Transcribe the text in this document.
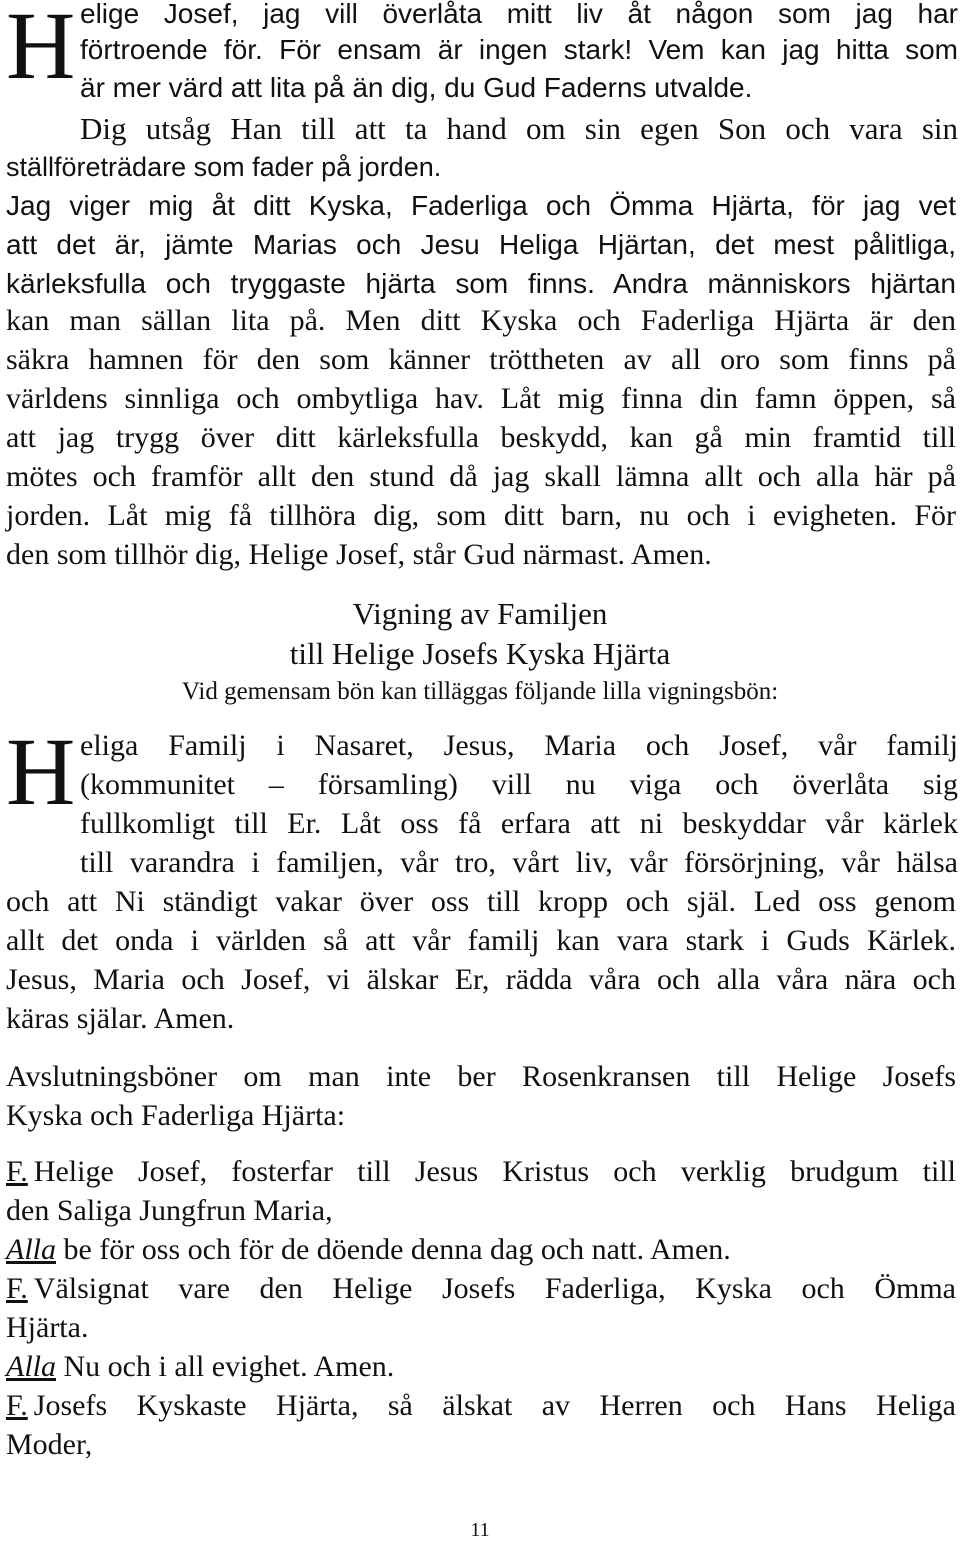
H elige Josef, jag vill överlåta mitt liv åt någon som jag har
förtroende för. För ensam är ingen stark! Vem kan jag hitta som
är mer värd att lita på än dig, du Gud Faderns utvalde.
Dig utsåg Han till att ta hand om sin egen Son och vara sin
ställföreträdare som fader på jorden.
Jag viger mig åt ditt Kyska, Faderliga och Ömma Hjärta, för jag vet
att det är, jämte Marias och Jesu Heliga Hjärtan, det mest pålitliga,
kärleksfulla och tryggaste hjärta som finns. Andra människors hjärtan
kan man sällan lita på. Men ditt Kyska och Faderliga Hjärta är den
säkra hamnen för den som känner tröttheten av all oro som finns på
världens sinnliga och ombytliga hav. Låt mig finna din famn öppen, så
att jag trygg över ditt kärleksfulla beskydd, kan gå min framtid till
mötes och framför allt den stund då jag skall lämna allt och alla här på
jorden. Låt mig få tillhöra dig, som ditt barn, nu och i evigheten. För
den som tillhör dig, Helige Josef, står Gud närmast. Amen.
Vigning av Familjen
till Helige Josefs Kyska Hjärta
Vid gemensam bön kan tilläggas följande lilla vigningsbön:
H eliga Familj i Nasaret, Jesus, Maria och Josef, vår familj
(kommunitet – församling) vill nu viga och överlåta sig
fullkomligt till Er. Låt oss få erfara att ni beskyddar vår kärlek
till varandra i familjen, vår tro, vårt liv, vår försörjning, vår hälsa
och att Ni ständigt vakar över oss till kropp och själ. Led oss genom
allt det onda i världen så att vår familj kan vara stark i Guds Kärlek.
Jesus, Maria och Josef, vi älskar Er, rädda våra och alla våra nära och
käras själar. Amen.
Avslutningsböner om man inte ber Rosenkransen till Helige Josefs
Kyska och Faderliga Hjärta:
F. Helige Josef, fosterfar till Jesus Kristus och verklig brudgum till
den Saliga Jungfrun Maria,
Alla be för oss och för de döende denna dag och natt. Amen.
F. Välsignat vare den Helige Josefs Faderliga, Kyska och Ömma
Hjärta.
Alla Nu och i all evighet. Amen.
F. Josefs Kyskaste Hjärta, så älskat av Herren och Hans Heliga
Moder,
11
